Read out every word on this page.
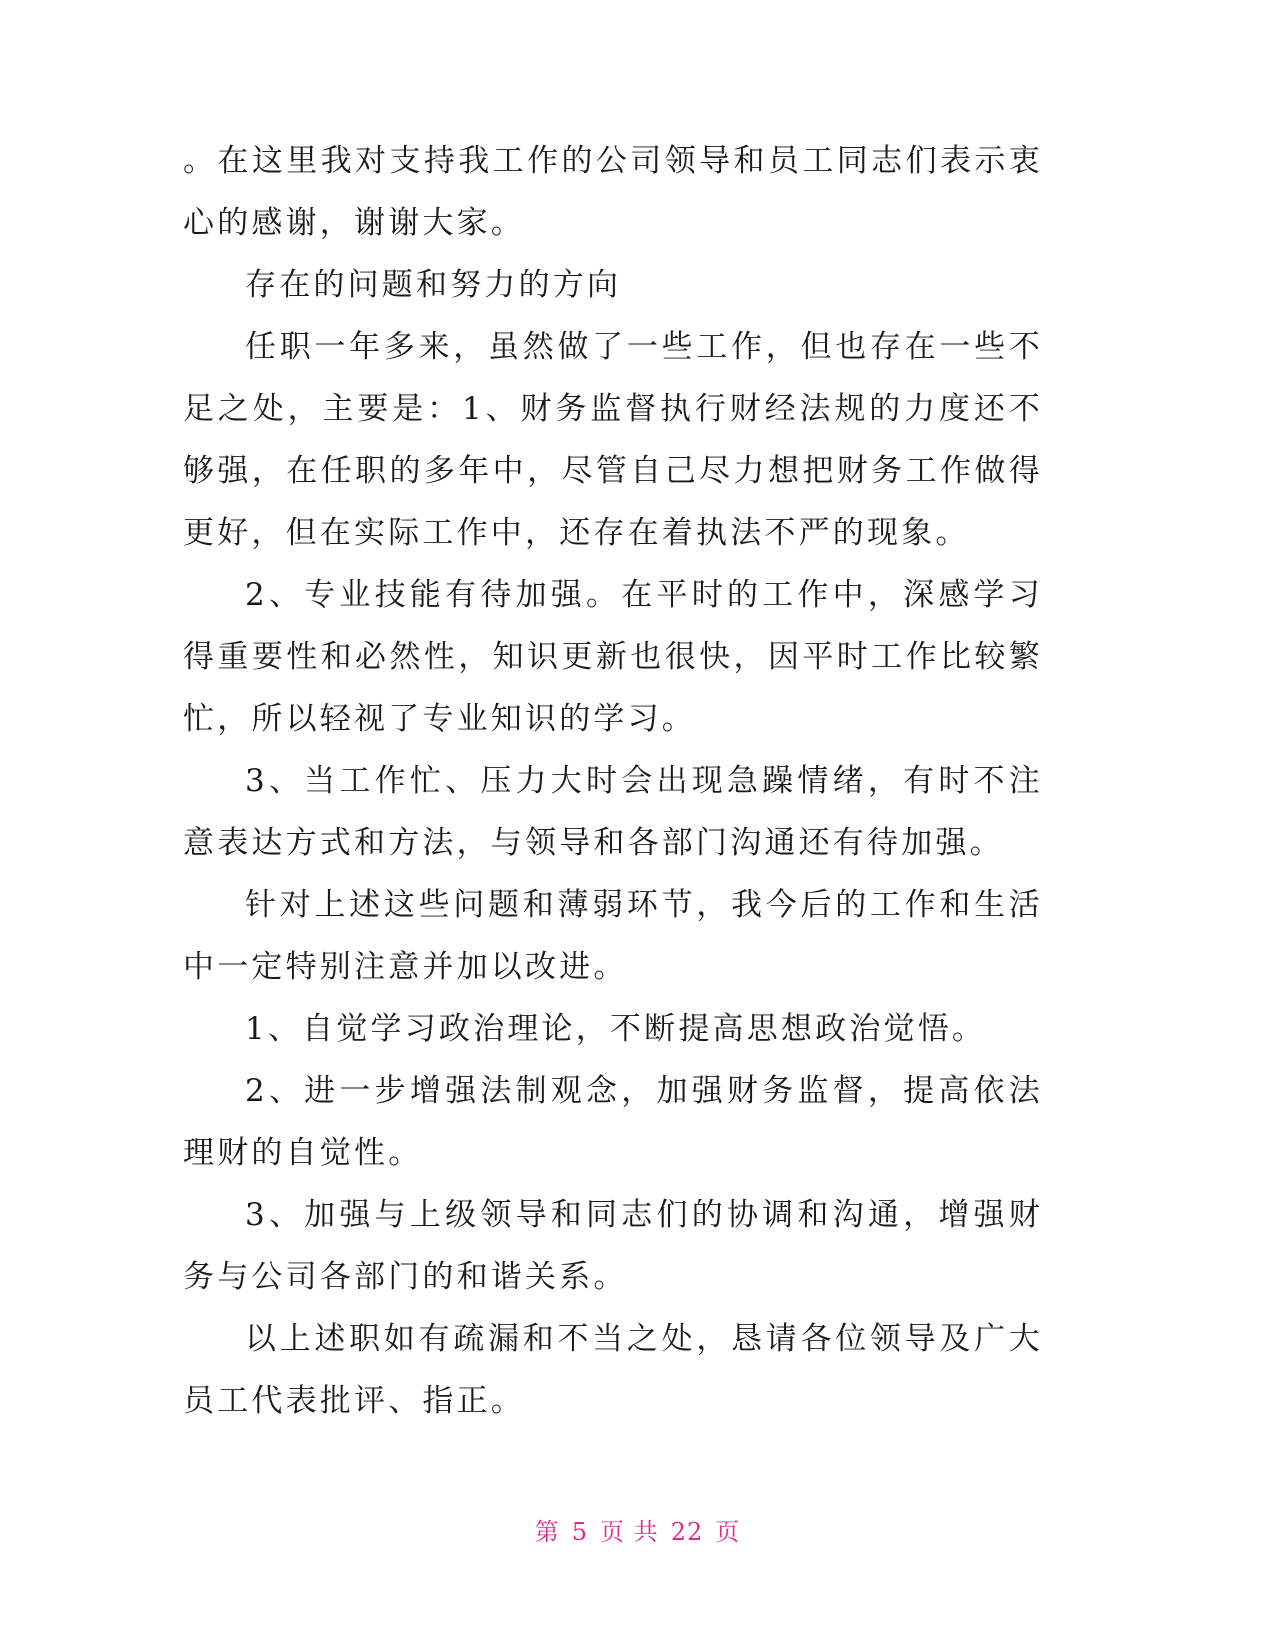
。在这里我对支持我工作的公司领导和员工同志们表示衷心的感谢，谢谢大家。

存在的问题和努力的方向

任职一年多来，虽然做了一些工作，但也存在一些不足之处，主要是：1、财务监督执行财经法规的力度还不够强，在任职的多年中，尽管自己尽力想把财务工作做得更好，但在实际工作中，还存在着执法不严的现象。

2、专业技能有待加强。在平时的工作中，深感学习得重要性和必然性，知识更新也很快，因平时工作比较繁忙，所以轻视了专业知识的学习。

3、当工作忙、压力大时会出现急躁情绪，有时不注意表达方式和方法，与领导和各部门沟通还有待加强。

针对上述这些问题和薄弱环节，我今后的工作和生活中一定特别注意并加以改进。

1、自觉学习政治理论，不断提高思想政治觉悟。

2、进一步增强法制观念，加强财务监督，提高依法理财的自觉性。

3、加强与上级领导和同志们的协调和沟通，增强财务与公司各部门的和谐关系。

以上述职如有疏漏和不当之处，恳请各位领导及广大员工代表批评、指正。

第 5 页 共 22 页
